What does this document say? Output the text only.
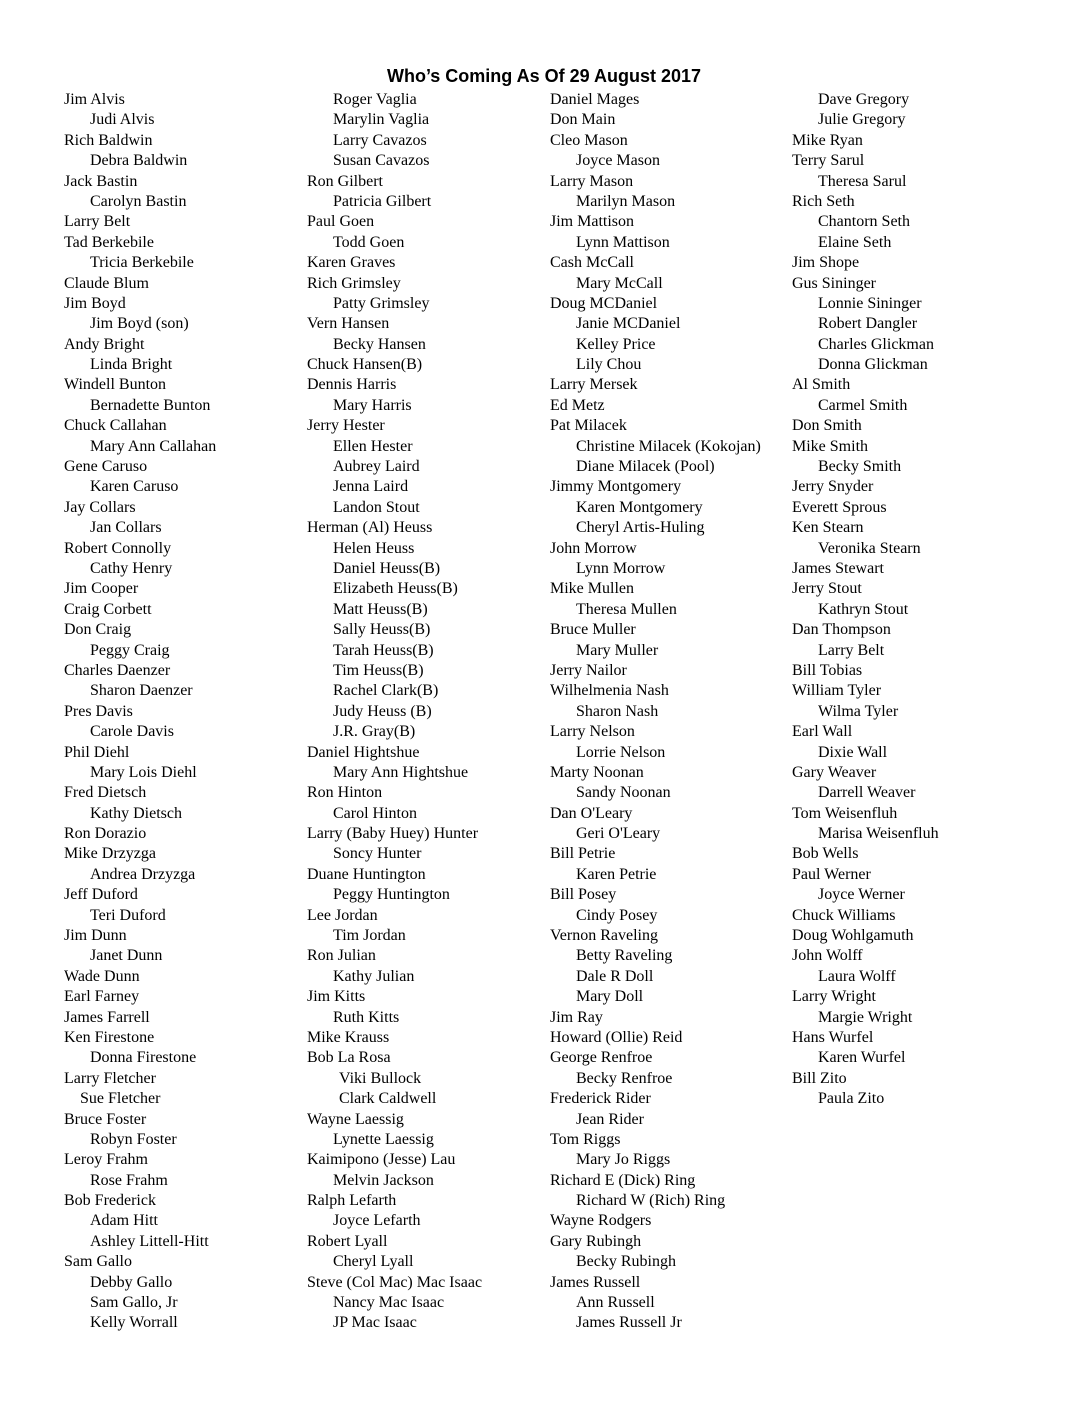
Who’s Coming As Of 29 August 2017
Jim Alvis
Judi Alvis
Rich Baldwin
Debra Baldwin
Jack Bastin
Carolyn Bastin
Larry Belt
Tad Berkebile
Tricia Berkebile
Claude Blum
Jim Boyd
Jim Boyd (son)
Andy Bright
Linda Bright
Windell Bunton
Bernadette Bunton
Chuck Callahan
Mary Ann Callahan
Gene Caruso
Karen Caruso
Jay Collars
Jan Collars
Robert Connolly
Cathy Henry
Jim Cooper
Craig Corbett
Don Craig
Peggy Craig
Charles Daenzer
Sharon Daenzer
Pres Davis
Carole Davis
Phil Diehl
Mary Lois Diehl
Fred Dietsch
Kathy Dietsch
Ron Dorazio
Mike Drzyzga
Andrea Drzyzga
Jeff Duford
Teri Duford
Jim Dunn
Janet Dunn
Wade Dunn
Earl Farney
James Farrell
Ken Firestone
Donna Firestone
Larry Fletcher
Sue Fletcher
Bruce Foster
Robyn Foster
Leroy Frahm
Rose Frahm
Bob Frederick
Adam Hitt
Ashley Littell-Hitt
Sam Gallo
Debby Gallo
Sam Gallo, Jr
Kelly Worrall
Roger Vaglia
Marylin Vaglia
Larry Cavazos
Susan Cavazos
Ron Gilbert
Patricia Gilbert
Paul Goen
Todd Goen
Karen Graves
Rich Grimsley
Patty Grimsley
Vern Hansen
Becky Hansen
Chuck Hansen(B)
Dennis Harris
Mary Harris
Jerry Hester
Ellen Hester
Aubrey Laird
Jenna Laird
Landon Stout
Herman (Al) Heuss
Helen Heuss
Daniel Heuss(B)
Elizabeth Heuss(B)
Matt Heuss(B)
Sally Heuss(B)
Tarah Heuss(B)
Tim Heuss(B)
Rachel Clark(B)
Judy Heuss (B)
J.R. Gray(B)
Daniel Hightshue
Mary Ann Hightshue
Ron Hinton
Carol Hinton
Larry (Baby Huey) Hunter
Soncy Hunter
Duane Huntington
Peggy Huntington
Lee Jordan
Tim Jordan
Ron Julian
Kathy Julian
Jim Kitts
Ruth Kitts
Mike Krauss
Bob La Rosa
Viki Bullock
Clark Caldwell
Wayne Laessig
Lynette Laessig
Kaimipono (Jesse) Lau
Melvin Jackson
Ralph Lefarth
Joyce Lefarth
Robert Lyall
Cheryl Lyall
Steve (Col Mac) Mac Isaac
Nancy Mac Isaac
JP Mac Isaac
Daniel Mages
Don Main
Cleo Mason
Joyce Mason
Larry Mason
Marilyn Mason
Jim Mattison
Lynn Mattison
Cash McCall
Mary McCall
Doug MCDaniel
Janie MCDaniel
Kelley Price
Lily Chou
Larry Mersek
Ed Metz
Pat Milacek
Christine Milacek (Kokojan)
Diane Milacek (Pool)
Jimmy Montgomery
Karen Montgomery
Cheryl Artis-Huling
John Morrow
Lynn Morrow
Mike Mullen
Theresa Mullen
Bruce Muller
Mary Muller
Jerry Nailor
Wilhelmenia Nash
Sharon Nash
Larry Nelson
Lorrie Nelson
Marty Noonan
Sandy Noonan
Dan O'Leary
Geri O'Leary
Bill Petrie
Karen Petrie
Bill Posey
Cindy Posey
Vernon Raveling
Betty Raveling
Dale R Doll
Mary Doll
Jim Ray
Howard (Ollie) Reid
George Renfroe
Becky Renfroe
Frederick Rider
Jean Rider
Tom Riggs
Mary Jo Riggs
Richard E (Dick) Ring
Richard W (Rich) Ring
Wayne Rodgers
Gary Rubingh
Becky Rubingh
James Russell
Ann Russell
James Russell Jr
Dave Gregory
Julie Gregory
Mike Ryan
Terry Sarul
Theresa Sarul
Rich Seth
Chantorn Seth
Elaine Seth
Jim Shope
Gus Sininger
Lonnie Sininger
Robert Dangler
Charles Glickman
Donna Glickman
Al Smith
Carmel Smith
Don Smith
Mike Smith
Becky Smith
Jerry Snyder
Everett Sprous
Ken Stearn
Veronika Stearn
James Stewart
Jerry Stout
Kathryn Stout
Dan Thompson
Larry Belt
Bill Tobias
William Tyler
Wilma Tyler
Earl Wall
Dixie Wall
Gary Weaver
Darrell Weaver
Tom Weisenfluh
Marisa Weisenfluh
Bob Wells
Paul Werner
Joyce Werner
Chuck Williams
Doug Wohlgamuth
John Wolff
Laura Wolff
Larry Wright
Margie Wright
Hans Wurfel
Karen Wurfel
Bill Zito
Paula Zito
